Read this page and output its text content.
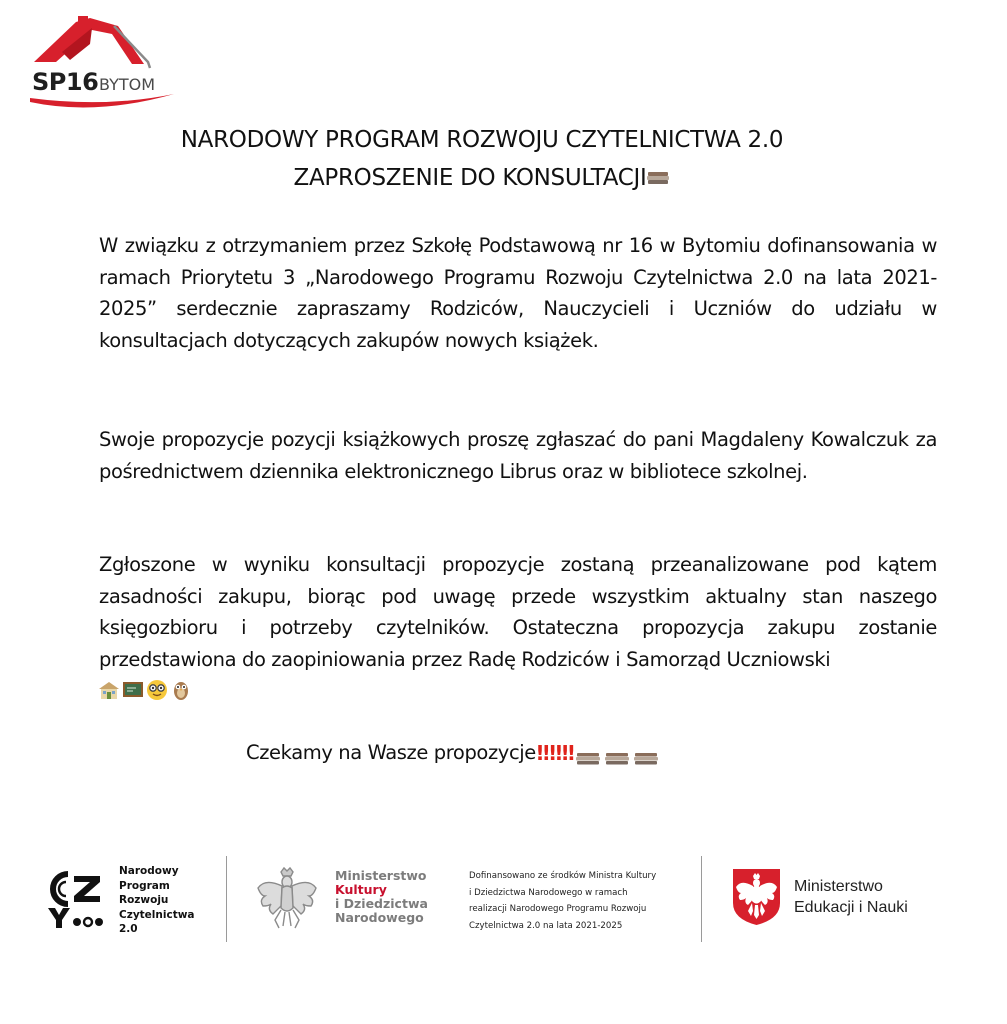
SP16 BYTOM
NARODOWY PROGRAM ROZWOJU CZYTELNICTWA 2.0
ZAPROSZENIE DO KONSULTACJI

W związku z otrzymaniem przez Szkołę Podstawową nr 16 w Bytomiu dofinansowania w ramach Priorytetu 3 „Narodowego Programu Rozwoju Czytelnictwa 2.0 na lata 2021-2025” serdecznie zapraszamy Rodziców, Nauczycieli i Uczniów do udziału w konsultacjach dotyczących zakupów nowych książek.

Swoje propozycje pozycji książkowych proszę zgłaszać do pani Magdaleny Kowalczuk za pośrednictwem dziennika elektronicznego Librus oraz w bibliotece szkolnej.

Zgłoszone w wyniku konsultacji propozycje zostaną przeanalizowane pod kątem zasadności zakupu, biorąc pod uwagę przede wszystkim aktualny stan naszego księgozbioru i potrzeby czytelników. Ostateczna propozycja zakupu zostanie przedstawiona do zaopiniowania przez Radę Rodziców i Samorząd Uczniowski

Czekamy na Wasze propozycje ‼ ‼ ‼
Narodowy
Program
Rozwoju
Czytelnictwa
2.0
Ministerstwo
Kultury
i Dziedzictwa
Narodowego
Dofinansowano ze środków Ministra Kultury
i Dziedzictwa Narodowego w ramach
realizacji Narodowego Programu Rozwoju
Czytelnictwa 2.0 na lata 2021-2025
Ministerstwo
Edukacji i Nauki
